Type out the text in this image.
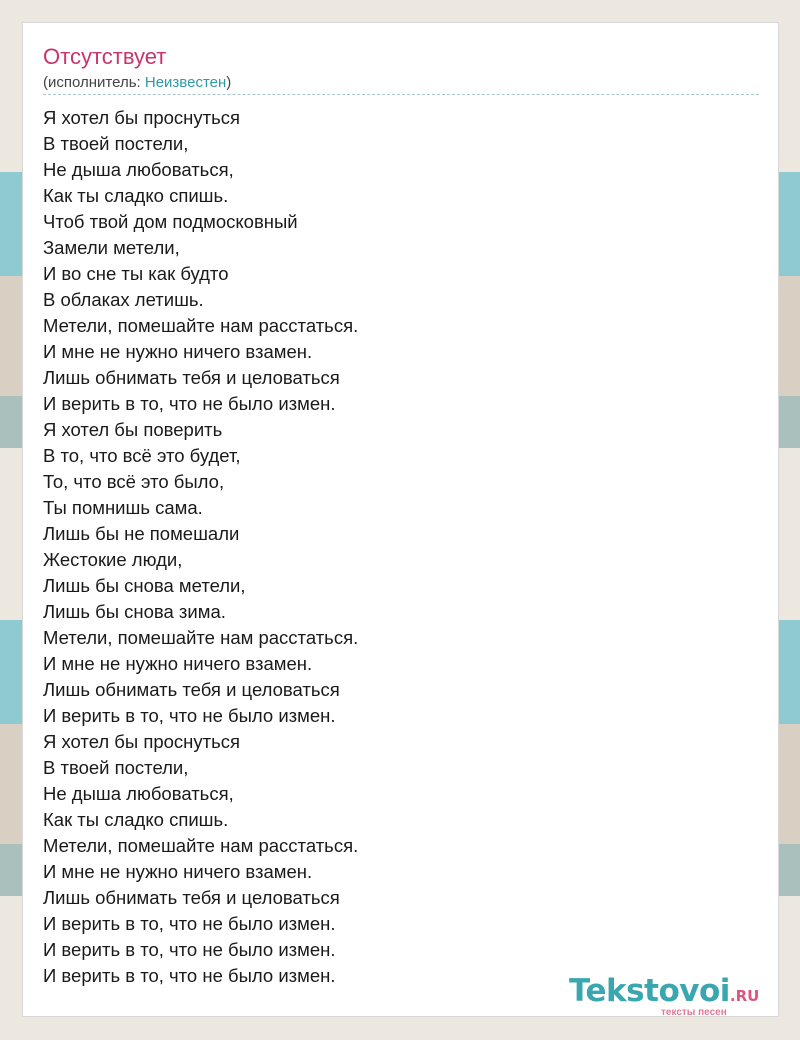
Отсутствует
(исполнитель: Неизвестен)
Я хотел бы проснуться
В твоей постели,
Не дыша любоваться,
Как ты сладко спишь.
Чтоб твой дом подмосковный
Замели метели,
И во сне ты как будто
В облаках летишь.
Метели, помешайте нам расстаться.
И мне не нужно ничего взамен.
Лишь обнимать тебя и целоваться
И верить в то, что не было измен.
Я хотел бы поверить
В то, что всё это будет,
То, что всё это было,
Ты помнишь сама.
Лишь бы не помешали
Жестокие люди,
Лишь бы снова метели,
Лишь бы снова зима.
Метели, помешайте нам расстаться.
И мне не нужно ничего взамен.
Лишь обнимать тебя и целоваться
И верить в то, что не было измен.
Я хотел бы проснуться
В твоей постели,
Не дыша любоваться,
Как ты сладко спишь.
Метели, помешайте нам расстаться.
И мне не нужно ничего взамен.
Лишь обнимать тебя и целоваться
И верить в то, что не было измен.
И верить в то, что не было измен.
И верить в то, что не было измен.	Tekstovoi.RU
тексты песен
